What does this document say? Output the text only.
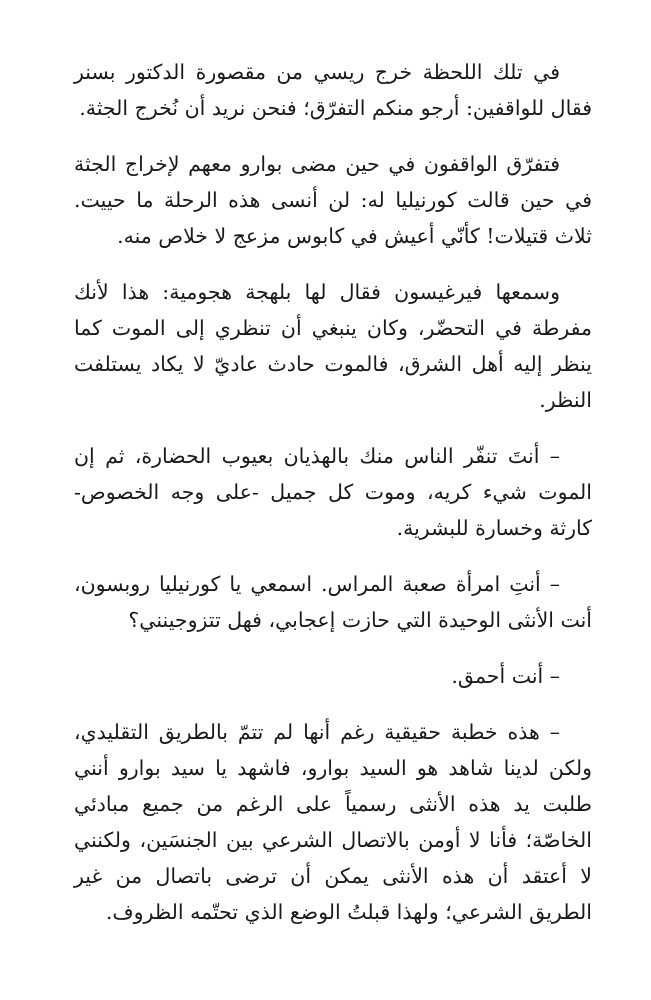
في تلك اللحظة خرج ريسي من مقصورة الدكتور بسنر فقال للواقفين: أرجو منكم التفرّق؛ فنحن نريد أن نُخرج الجثة.

فتفرّق الواقفون في حين مضى بوارو معهم لإخراج الجثة في حين قالت كورنيليا له: لن أنسى هذه الرحلة ما حييت. ثلاث قتيلات! كأنّي أعيش في كابوس مزعج لا خلاص منه.

وسمعها فيرغيسون فقال لها بلهجة هجومية: هذا لأنك مفرطة في التحضّر، وكان ينبغي أن تنظري إلى الموت كما ينظر إليه أهل الشرق، فالموت حادث عاديّ لا يكاد يستلفت النظر.

– أنتَ تنفّر الناس منك بالهذيان بعيوب الحضارة، ثم إن الموت شيء كريه، وموت كل جميل -على وجه الخصوص- كارثة وخسارة للبشرية.

– أنتِ امرأة صعبة المراس. اسمعي يا كورنيليا روبسون، أنت الأنثى الوحيدة التي حازت إعجابي، فهل تتزوجينني؟

– أنت أحمق.

– هذه خطبة حقيقية رغم أنها لم تتمّ بالطريق التقليدي، ولكن لدينا شاهد هو السيد بوارو، فاشهد يا سيد بوارو أنني طلبت يد هذه الأنثى رسمياً على الرغم من جميع مبادئي الخاصّة؛ فأنا لا أومن بالاتصال الشرعي بين الجنسَين، ولكنني لا أعتقد أن هذه الأنثى يمكن أن ترضى باتصال من غير الطريق الشرعي؛ ولهذا قبلتُ الوضع الذي تحتّمه الظروف.
